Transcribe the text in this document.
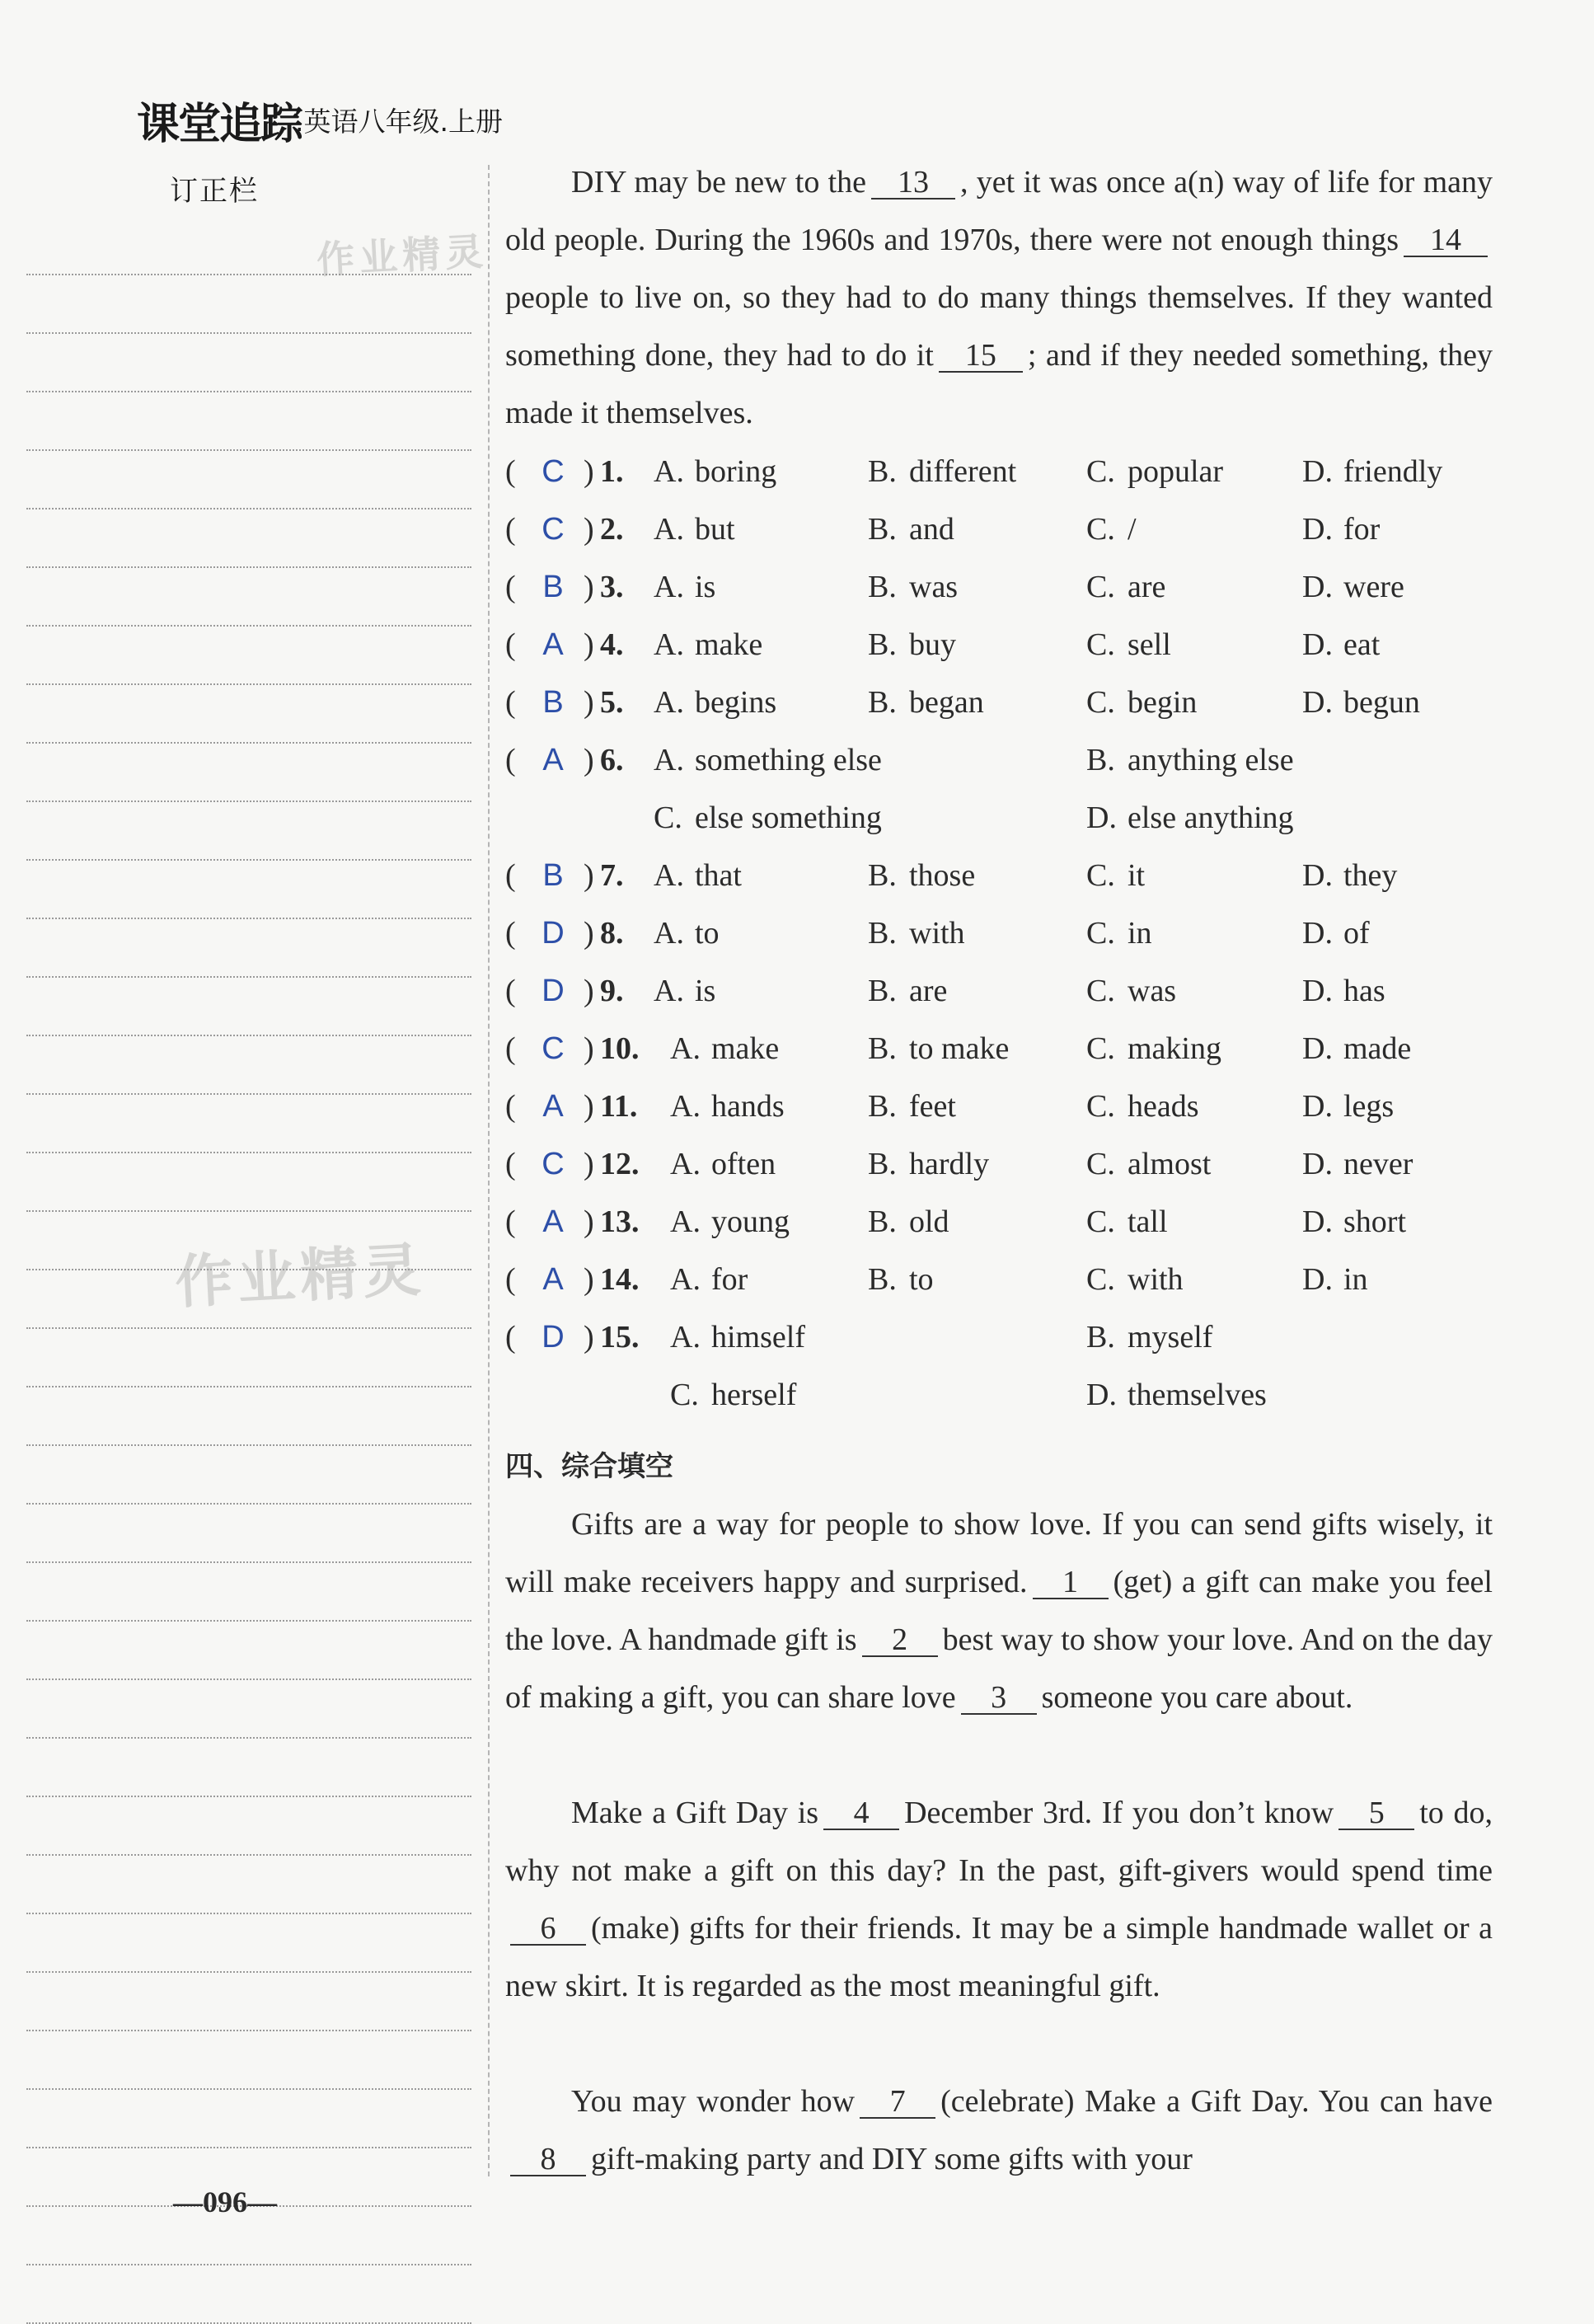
课堂追踪
.英语八年级.上册
订正栏
作业精灵
作业精灵
DIY may be new to the 13 , yet it was once a(n) way of life for many old people. During the 1960s and 1970s, there were not enough things 14people to live on, so they had to do many things themselves. If they wanted something done, they had to do it 15 ; and if they needed something, they made it themselves.
( C ) 1. A. boring	B. different C. popular	D. friendly
( C ) 2. A. but	B. and	C. /	D. for
( B ) 3. A. is	B. was	C. are	D. were
( A ) 4. A. make	B. buy	C. sell	D. eat
( B ) 5. A. begins	B. began	C. begin	D. begun
( A ) 6. A. something else	B. anything else
C. else something	D. else anything
( B ) 7. A. that	B. those	C. it	D. they
( D ) 8. A. to	B. with	C. in	D. of
( D ) 9. A. is	B. are	C. was	D. has
( C ) 10. A. make	B. to make C. making	D. made
( A ) 11. A. hands	B. feet	C. heads	D. legs
( C ) 12. A. often	B. hardly	C. almost	D. never
( A ) 13. A. young	B. old	C. tall	D. short
( A ) 14. A. for	B. to	C. with	D. in
( D ) 15. A. himself	B. myself
C. herself	D. themselves
四、综合填空
Gifts are a way for people to show love. If you can send gifts wisely, it will make receivers happy and surprised. 1 (get) a gift can make you feel the love. A handmade gift is 2 best way to show your love. And on the day of making a gift, you can share love 3 someone you care about.
Make a Gift Day is 4 December 3rd. If you don’t know 5 to do, why not make a gift on this day? In the past, gift-givers would spend time6 (make) gifts for their friends. It may be a simple handmade wallet or a new skirt. It is regarded as the most meaningful gift.
You may wonder how 7 (celebrate) Make a Gift Day. You can have8 gift-making party and DIY some gifts with your
—096—
